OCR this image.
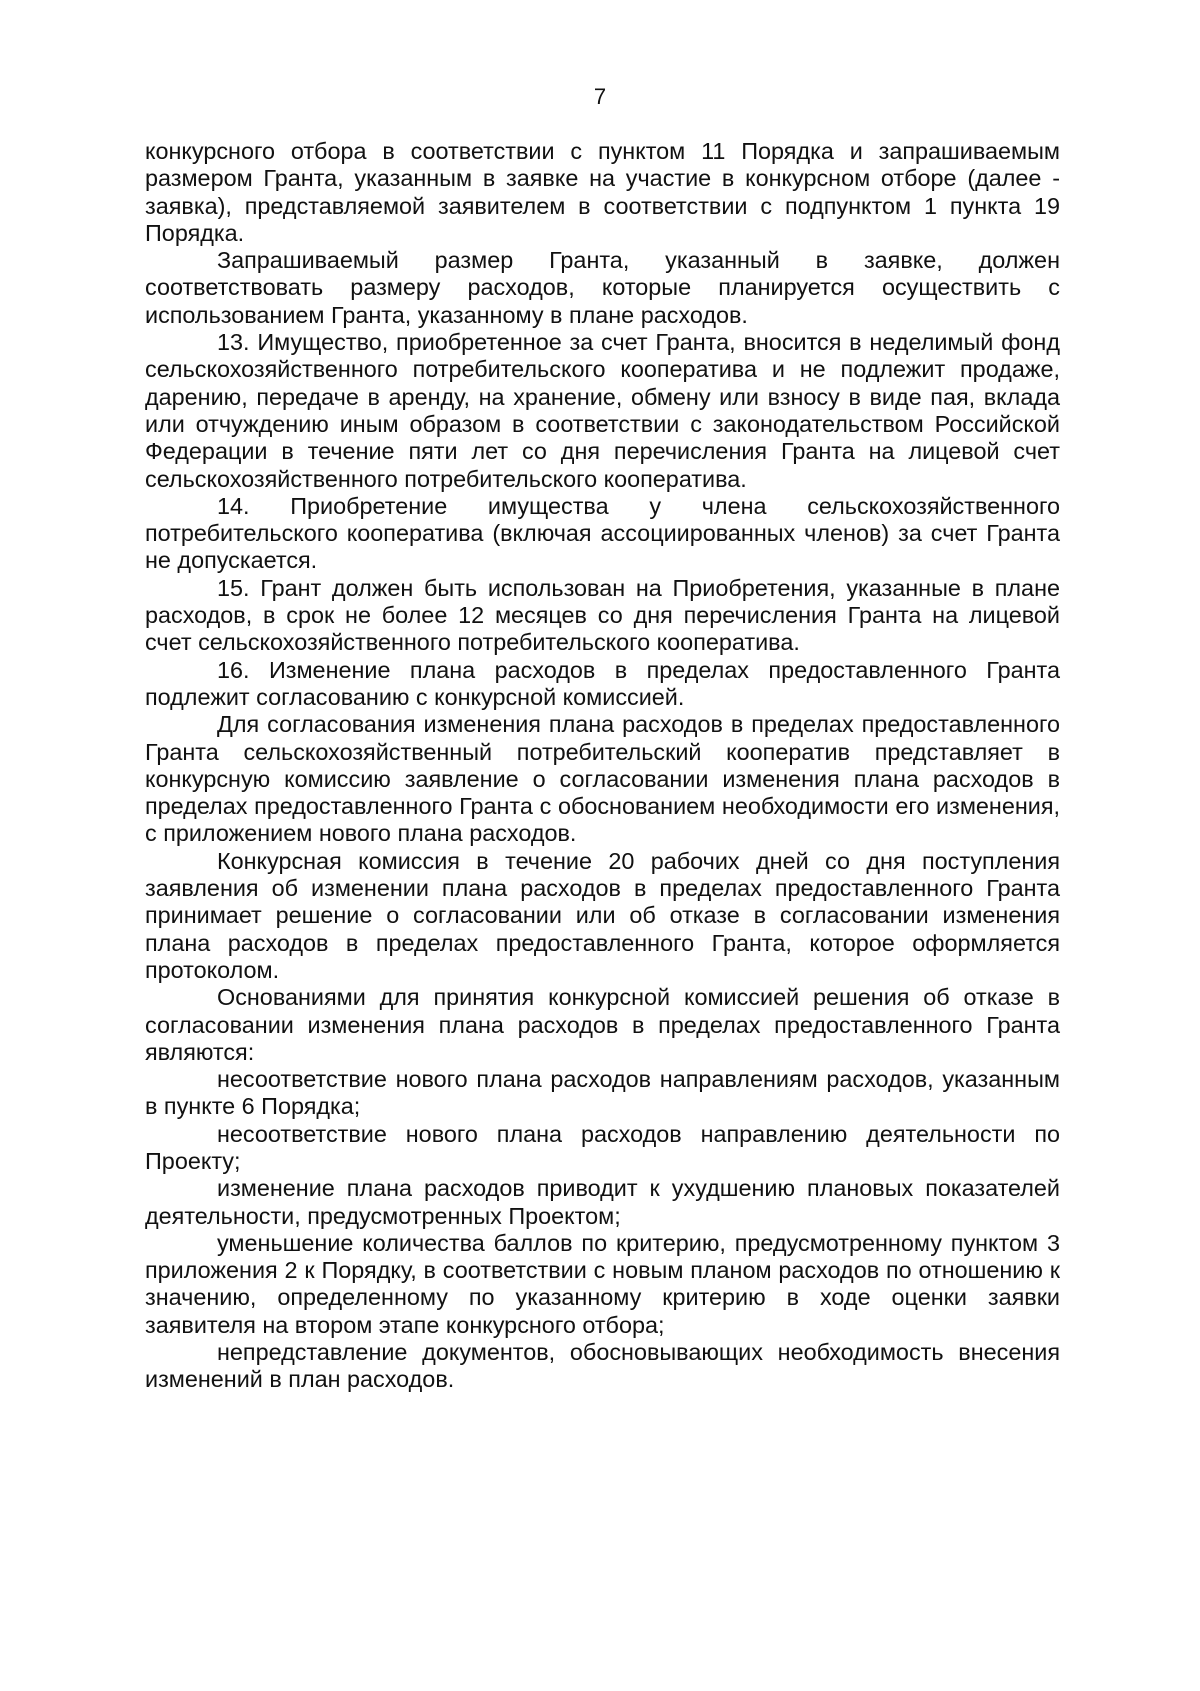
7

конкурсного отбора в соответствии с пунктом 11 Порядка и запрашиваемым размером Гранта, указанным в заявке на участие в конкурсном отборе (далее - заявка), представляемой заявителем в соответствии с подпунктом 1 пункта 19 Порядка.

Запрашиваемый размер Гранта, указанный в заявке, должен соответствовать размеру расходов, которые планируется осуществить с использованием Гранта, указанному в плане расходов.

13. Имущество, приобретенное за счет Гранта, вносится в неделимый фонд сельскохозяйственного потребительского кооператива и не подлежит продаже, дарению, передаче в аренду, на хранение, обмену или взносу в виде пая, вклада или отчуждению иным образом в соответствии с законодательством Российской Федерации в течение пяти лет со дня перечисления Гранта на лицевой счет сельскохозяйственного потребительского кооператива.

14. Приобретение имущества у члена сельскохозяйственного потребительского кооператива (включая ассоциированных членов) за счет Гранта не допускается.

15. Грант должен быть использован на Приобретения, указанные в плане расходов, в срок не более 12 месяцев со дня перечисления Гранта на лицевой счет сельскохозяйственного потребительского кооператива.

16. Изменение плана расходов в пределах предоставленного Гранта подлежит согласованию с конкурсной комиссией.

Для согласования изменения плана расходов в пределах предоставленного Гранта сельскохозяйственный потребительский кооператив представляет в конкурсную комиссию заявление о согласовании изменения плана расходов в пределах предоставленного Гранта с обоснованием необходимости его изменения, с приложением нового плана расходов.

Конкурсная комиссия в течение 20 рабочих дней со дня поступления заявления об изменении плана расходов в пределах предоставленного Гранта принимает решение о согласовании или об отказе в согласовании изменения плана расходов в пределах предоставленного Гранта, которое оформляется протоколом.

Основаниями для принятия конкурсной комиссией решения об отказе в согласовании изменения плана расходов в пределах предоставленного Гранта являются:

несоответствие нового плана расходов направлениям расходов, указанным в пункте 6 Порядка;

несоответствие нового плана расходов направлению деятельности по Проекту;

изменение плана расходов приводит к ухудшению плановых показателей деятельности, предусмотренных Проектом;

уменьшение количества баллов по критерию, предусмотренному пунктом 3 приложения 2 к Порядку, в соответствии с новым планом расходов по отношению к значению, определенному по указанному критерию в ходе оценки заявки заявителя на втором этапе конкурсного отбора;

непредставление документов, обосновывающих необходимость внесения изменений в план расходов.
